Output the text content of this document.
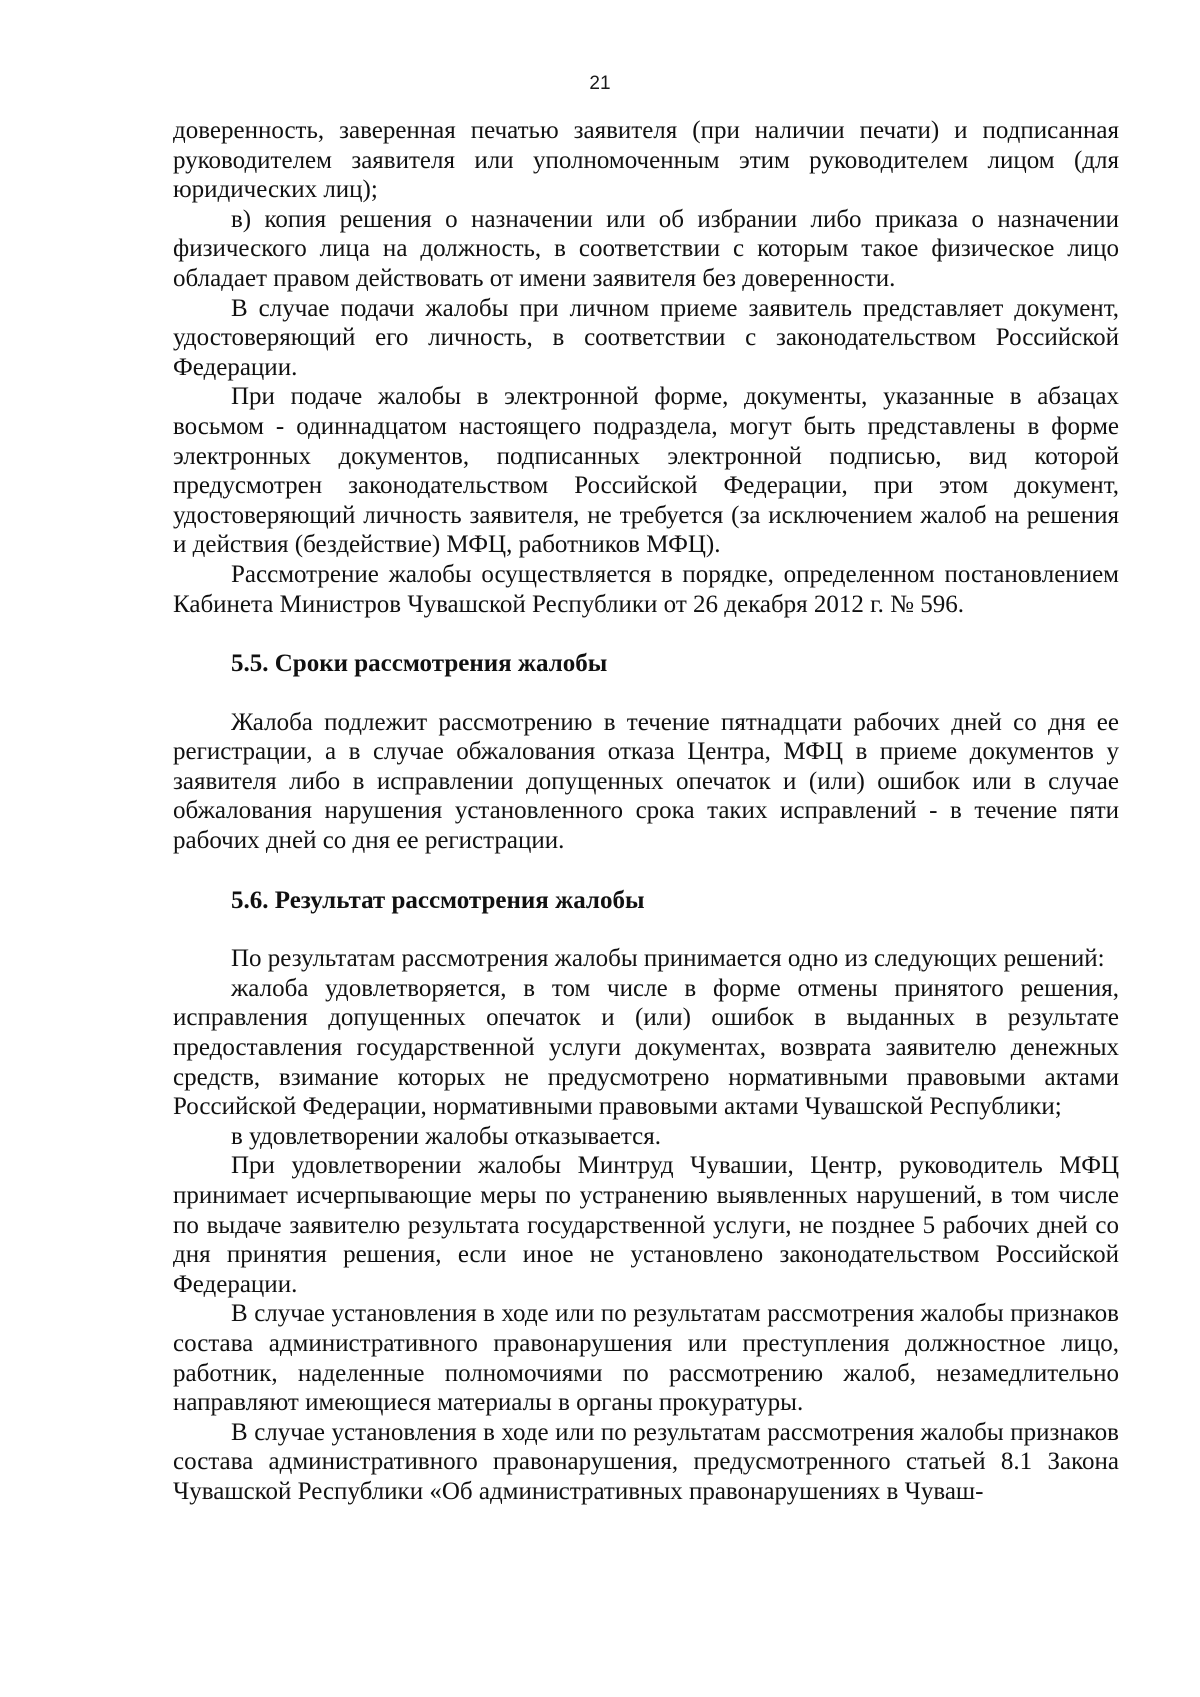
21

доверенность, заверенная печатью заявителя (при наличии печати) и подписанная руководителем заявителя или уполномоченным этим руководителем лицом (для юридических лиц);

в) копия решения о назначении или об избрании либо приказа о назначении физического лица на должность, в соответствии с которым такое физическое лицо обладает правом действовать от имени заявителя без доверенности.

В случае подачи жалобы при личном приеме заявитель представляет документ, удостоверяющий его личность, в соответствии с законодательством Российской Федерации.

При подаче жалобы в электронной форме, документы, указанные в абзацах восьмом - одиннадцатом настоящего подраздела, могут быть представлены в форме электронных документов, подписанных электронной подписью, вид которой предусмотрен законодательством Российской Федерации, при этом документ, удостоверяющий личность заявителя, не требуется (за исключением жалоб на решения и действия (бездействие) МФЦ, работников МФЦ).

Рассмотрение жалобы осуществляется в порядке, определенном постановлением Кабинета Министров Чувашской Республики от 26 декабря 2012 г. № 596.

5.5. Сроки рассмотрения жалобы

Жалоба подлежит рассмотрению в течение пятнадцати рабочих дней со дня ее регистрации, а в случае обжалования отказа Центра, МФЦ в приеме документов у заявителя либо в исправлении допущенных опечаток и (или) ошибок или в случае обжалования нарушения установленного срока таких исправлений - в течение пяти рабочих дней со дня ее регистрации.

5.6. Результат рассмотрения жалобы

По результатам рассмотрения жалобы принимается одно из следующих решений:

жалоба удовлетворяется, в том числе в форме отмены принятого решения, исправления допущенных опечаток и (или) ошибок в выданных в результате предоставления государственной услуги документах, возврата заявителю денежных средств, взимание которых не предусмотрено нормативными правовыми актами Российской Федерации, нормативными правовыми актами Чувашской Республики;

в удовлетворении жалобы отказывается.

При удовлетворении жалобы Минтруд Чувашии, Центр, руководитель МФЦ принимает исчерпывающие меры по устранению выявленных нарушений, в том числе по выдаче заявителю результата государственной услуги, не позднее 5 рабочих дней со дня принятия решения, если иное не установлено законодательством Российской Федерации.

В случае установления в ходе или по результатам рассмотрения жалобы признаков состава административного правонарушения или преступления должностное лицо, работник, наделенные полномочиями по рассмотрению жалоб, незамедлительно направляют имеющиеся материалы в органы прокуратуры.

В случае установления в ходе или по результатам рассмотрения жалобы признаков состава административного правонарушения, предусмотренного статьей 8.1 Закона Чувашской Республики «Об административных правонарушениях в Чуваш-
